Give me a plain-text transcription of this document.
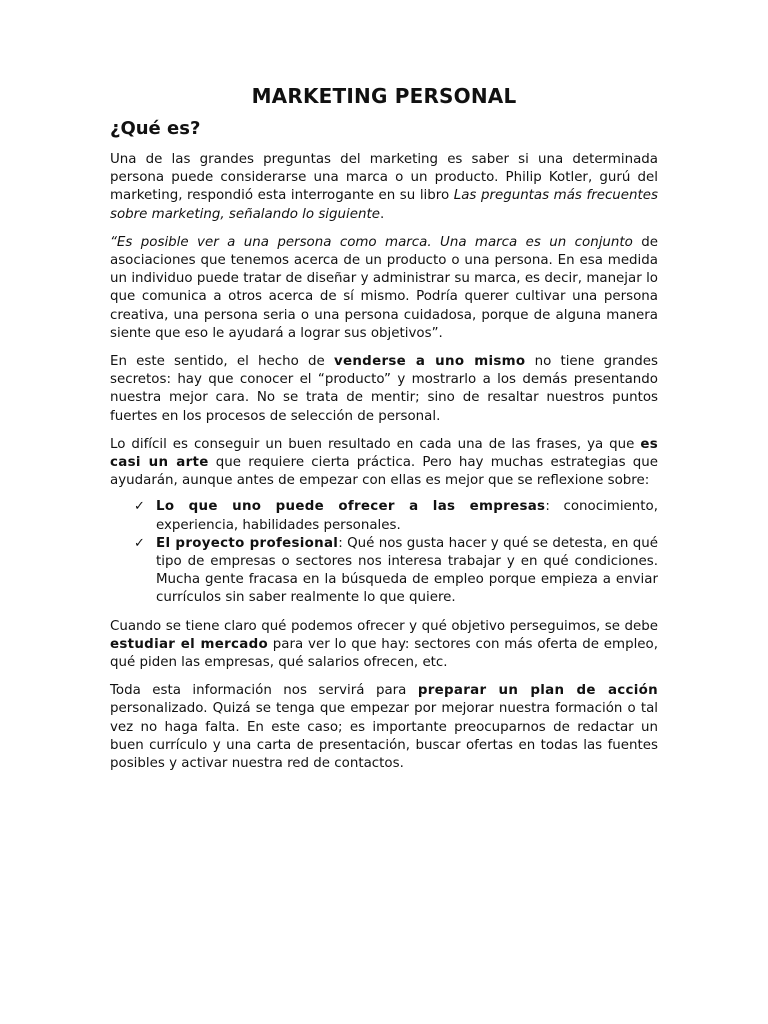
MARKETING PERSONAL
¿Qué es?

Una de las grandes preguntas del marketing es saber si una determinada persona puede considerarse una marca o un producto. Philip Kotler, gurú del marketing, respondió esta interrogante en su libro Las preguntas más frecuentes sobre marketing, señalando lo siguiente.

“Es posible ver a una persona como marca. Una marca es un conjunto de asociaciones que tenemos acerca de un producto o una persona. En esa medida un individuo puede tratar de diseñar y administrar su marca, es decir, manejar lo que comunica a otros acerca de sí mismo. Podría querer cultivar una persona creativa, una persona seria o una persona cuidadosa, porque de alguna manera siente que eso le ayudará a lograr sus objetivos”.

En este sentido, el hecho de venderse a uno mismo no tiene grandes secretos: hay que conocer el “producto” y mostrarlo a los demás presentando nuestra mejor cara. No se trata de mentir; sino de resaltar nuestros puntos fuertes en los procesos de selección de personal.

Lo difícil es conseguir un buen resultado en cada una de las frases, ya que es casi un arte que requiere cierta práctica. Pero hay muchas estrategias que ayudarán, aunque antes de empezar con ellas es mejor que se reflexione sobre:

✓ Lo que uno puede ofrecer a las empresas: conocimiento, experiencia, habilidades personales.
✓ El proyecto profesional: Qué nos gusta hacer y qué se detesta, en qué tipo de empresas o sectores nos interesa trabajar y en qué condiciones. Mucha gente fracasa en la búsqueda de empleo porque empieza a enviar currículos sin saber realmente lo que quiere.

Cuando se tiene claro qué podemos ofrecer y qué objetivo perseguimos, se debe estudiar el mercado para ver lo que hay: sectores con más oferta de empleo, qué piden las empresas, qué salarios ofrecen, etc.

Toda esta información nos servirá para preparar un plan de acción personalizado. Quizá se tenga que empezar por mejorar nuestra formación o tal vez no haga falta. En este caso; es importante preocuparnos de redactar un buen currículo y una carta de presentación, buscar ofertas en todas las fuentes posibles y activar nuestra red de contactos.
